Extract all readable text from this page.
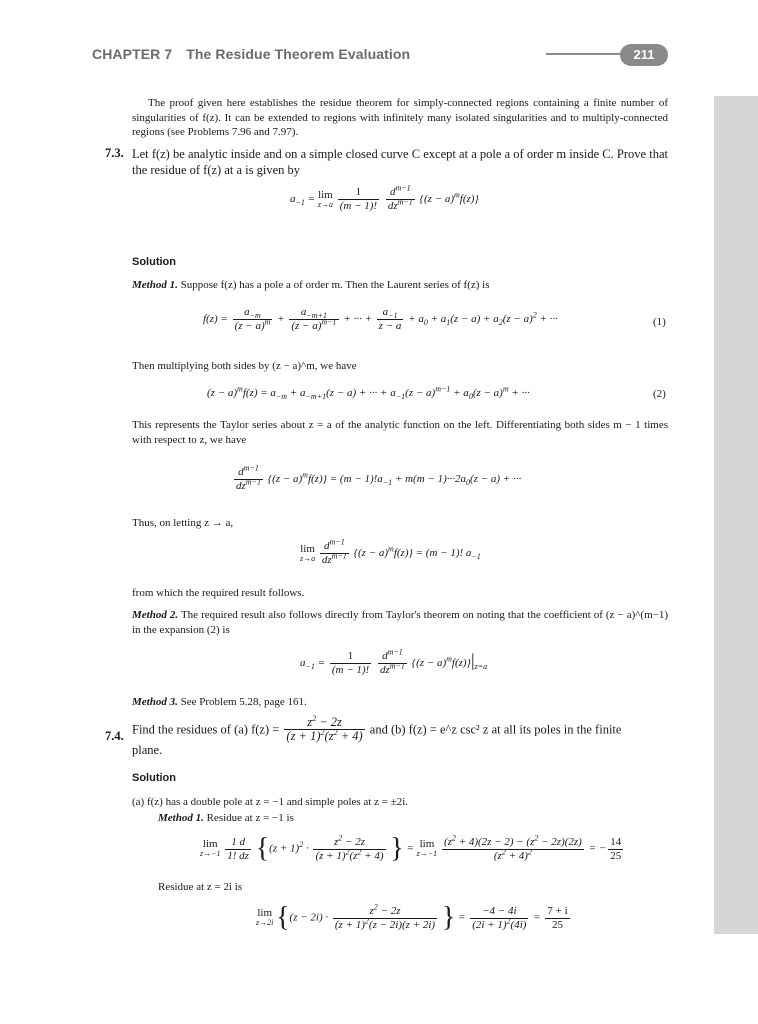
CHAPTER 7 The Residue Theorem Evaluation	211
The proof given here establishes the residue theorem for simply-connected regions containing a finite number of singularities of f(z). It can be extended to regions with infinitely many isolated singularities and to multiply-connected regions (see Problems 7.96 and 7.97).
7.3. Let f(z) be analytic inside and on a simple closed curve C except at a pole a of order m inside C. Prove that the residue of f(z) at a is given by
$a_{-1} = \lim$
z→a
$\frac{1}{(m - 1)!}$
$\frac{d^{m-1}}{dz^{m-1}} \{(z - a)^mf(z)\}$
Solution
Method 1. Suppose f(z) has a pole a of order m. Then the Laurent series of f(z) is
$f(z) = \frac{a_{-m}}{(z - a)^m} + \frac{a_{-m+1}}{(z - a)^{m-1}}$ + ··· + $\frac{a_{-1}}{z - a} + a_0 + a_1(z - a) + a_2(z - a)^2$ + ···	(1)
Then multiplying both sides by (z − a)^m, we have
$(z - a)^mf(z) = a_{-m} + a_{-m+1}(z - a)$ + ··· + $a_{-1}(z - a)^{m-1} + a_0(z - a)^m$ + ···	(2)
This represents the Taylor series about z = a of the analytic function on the left. Differentiating both sides m − 1 times with respect to z, we have
$\frac{d^{m-1}}{dz^{m-1}} \{(z - a)^mf(z)\} = (m - 1)!a_{-1} + m(m - 1)\cdot\cdot\cdot 2a_0(z - a)$ + ···
Thus, on letting z → a,
lim
z→a
$\frac{d^{m-1}}{dz^{m-1}} \{(z - a)^mf(z)\} = (m - 1)$! $a_{-1}$
from which the required result follows.
Method 2. The required result also follows directly from Taylor's theorem on noting that the coefficient of (z − a)^(m−1) in the expansion (2) is
$a_{-1} = \frac{1}{(m - 1)!}$
$\frac{d^{m-1}}{dz^{m-1}} \{(z - a)^mf(z)\}|_{z=a}$
Method 3. See Problem 5.28, page 161.
7.4. Find the residues of (a) $f(z) = \frac{z^2 - 2z}{(z + 1)^2(z^2 + 4)}$ and (b) f(z) = e^z csc² z at all its poles in the finite
plane.
Solution
(a) f(z) has a double pole at z = −1 and simple poles at z = ±2i.
Method 1. Residue at z = −1 is
lim
z→−1
$\frac{1 d}{1! dz} \{(z + 1)^2 \cdot \frac{z^2 - 2z}{(z + 1)^2(z^2 + 4)}$ } = lim
z→−1
$\frac{(z^2 + 4)(2z - 2) - (z^2 - 2z)(2z)}{(z^2 + 4)^2}$ = − $\frac{14}{25}$
Residue at z = 2i is
lim
z→2i {$(z - 2i) \cdot \frac{z^2 - 2z}{(z + 1)^2(z - 2i)(z + 2i)}$ } = $\frac{-4 - 4i}{(2i + 1)^2(4i)} = \frac{7 + i}{25}$
